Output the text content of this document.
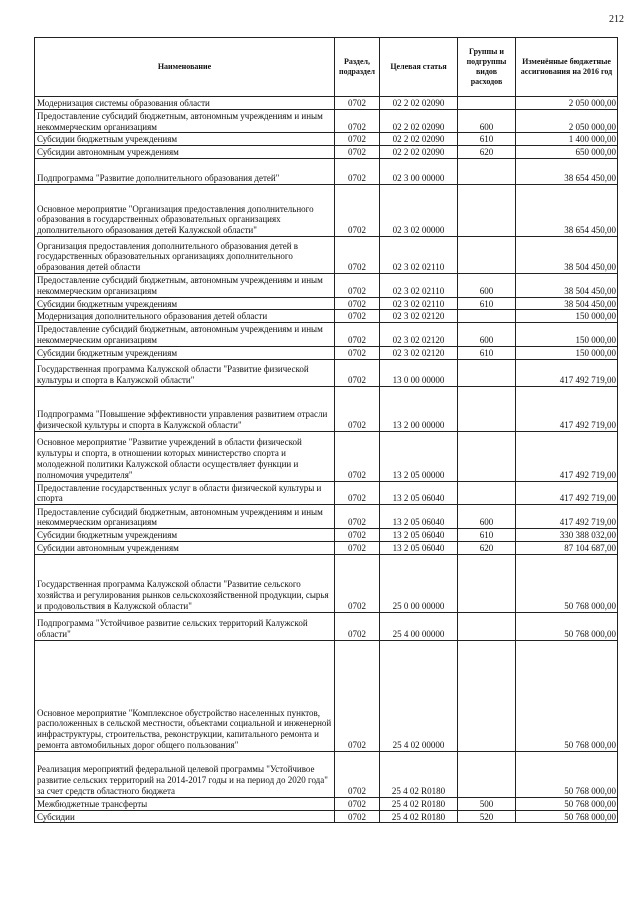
212
Наименование	Раздел, подраздел	Целевая статья	Группы и подгруппы видов расходов	Изменённые бюджетные ассигнования на 2016 год
Модернизация системы образования области	0702	02 2 02 02090		2 050 000,00
Предоставление субсидий бюджетным, автономным учреждениям и иным некоммерческим организациям	0702	02 2 02 02090	600	2 050 000,00
Субсидии бюджетным учреждениям	0702	02 2 02 02090	610	1 400 000,00
Субсидии автономным учреждениям	0702	02 2 02 02090	620	650 000,00
Подпрограмма "Развитие дополнительного образования детей"	0702	02 3 00 00000		38 654 450,00
Основное мероприятие "Организация предоставления дополнительного образования в государственных образовательных организациях дополнительного образования детей Калужской области"	0702	02 3 02 00000		38 654 450,00
Организация предоставления дополнительного образования детей в государственных образовательных организациях дополнительного образования детей области	0702	02 3 02 02110		38 504 450,00
Предоставление субсидий бюджетным, автономным учреждениям и иным некоммерческим организациям	0702	02 3 02 02110	600	38 504 450,00
Субсидии бюджетным учреждениям	0702	02 3 02 02110	610	38 504 450,00
Модернизация дополнительного образования детей области	0702	02 3 02 02120		150 000,00
Предоставление субсидий бюджетным, автономным учреждениям и иным некоммерческим организациям	0702	02 3 02 02120	600	150 000,00
Субсидии бюджетным учреждениям	0702	02 3 02 02120	610	150 000,00
Государственная программа Калужской области "Развитие физической культуры и спорта в Калужской области"	0702	13 0 00 00000		417 492 719,00
Подпрограмма "Повышение эффективности управления развитием отрасли физической культуры и спорта в Калужской области"	0702	13 2 00 00000		417 492 719,00
Основное мероприятие "Развитие учреждений в области физической культуры и спорта, в отношении которых министерство спорта и молодежной политики Калужской области осуществляет функции и полномочия учредителя"	0702	13 2 05 00000		417 492 719,00
Предоставление государственных услуг в области физической культуры и спорта	0702	13 2 05 06040		417 492 719,00
Предоставление субсидий бюджетным, автономным учреждениям и иным некоммерческим организациям	0702	13 2 05 06040	600	417 492 719,00
Субсидии бюджетным учреждениям	0702	13 2 05 06040	610	330 388 032,00
Субсидии автономным учреждениям	0702	13 2 05 06040	620	87 104 687,00
Государственная программа Калужской области "Развитие сельского хозяйства и регулирования рынков сельскохозяйственной продукции, сырья и продовольствия в Калужской области"	0702	25 0 00 00000		50 768 000,00
Подпрограмма "Устойчивое развитие сельских территорий Калужской области"	0702	25 4 00 00000		50 768 000,00
Основное мероприятие "Комплексное обустройство населенных пунктов, расположенных в сельской местности, объектами социальной и инженерной инфраструктуры, строительства, реконструкции, капитального ремонта и ремонта автомобильных дорог общего пользования"	0702	25 4 02 00000		50 768 000,00
Реализация мероприятий федеральной целевой программы "Устойчивое развитие сельских территорий на 2014-2017 годы и на период до 2020 года" за счет средств областного бюджета	0702	25 4 02 R0180		50 768 000,00
Межбюджетные трансферты	0702	25 4 02 R0180	500	50 768 000,00
Субсидии	0702	25 4 02 R0180	520	50 768 000,00
